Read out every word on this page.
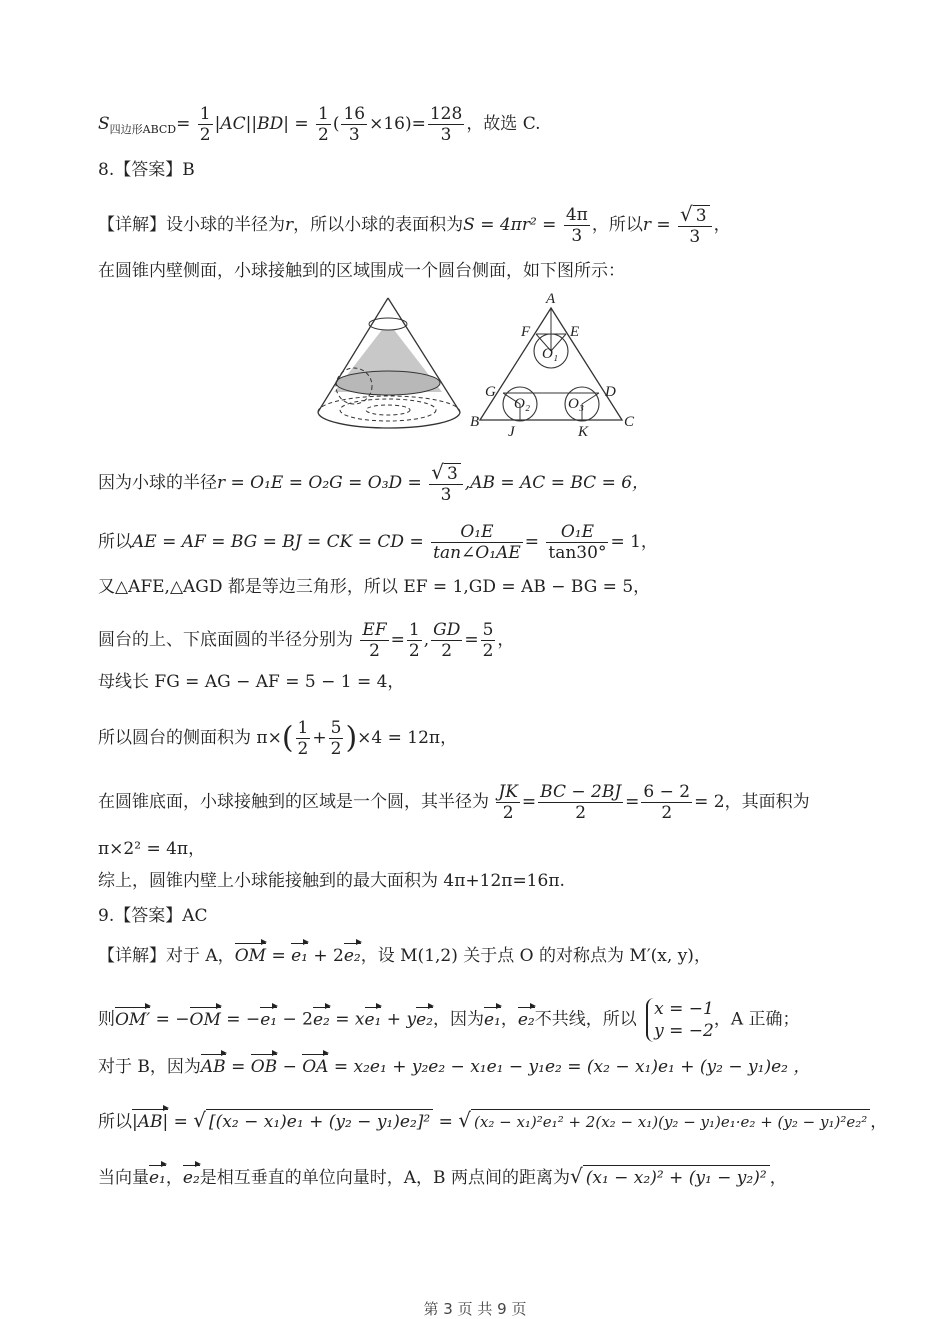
$S_{四边形ABCD}= \frac{1}{2} |AC||BD| = \frac{1}{2}$ ( $\frac{16}{3} \times 16)= \frac{128}{3}$ ，故选 C.
8.【答案】B
【详解】设小球的半径为r，所以小球的表面积为$S = 4\pi r^2 = \frac{4\pi}{3}$ ，所以$r = \frac{√ 3}{3}$ ，
在圆锥内壁侧面，小球接触到的区域围成一个圆台侧面，如下图所示：
A
F	E
O₁
G	D
O₂	O₃
B	C
J	K
因为小球的半径$r = O_1E = O_2G = O_3D = \frac{√ 3}{3} ,AB$ = AC = BC = 6，
所以AE = AF = BG = BJ = CK = CD = $\frac{\text{O₁E}}{\text{tan∠O₁AE}} = \frac{\text{O₁E}}{\tan 30^\circ} = 1$，
又△AFE,△AGD 都是等边三角形，所以 EF = 1,GD = AB − BG = 5，
圆台的上、下底面圆的半径分别为 $\frac{EF}{2} = \frac{1}{2}$ , $\frac{GD}{2} = \frac{5}{2}$ ，
母线长 FG = AG − AF = 5 − 1 = 4，
所以圆台的侧面积为 $\pi\times( \frac{1}{2} + \frac{5}{2} )\times 4 = 12\pi$，
在圆锥底面，小球接触到的区域是一个圆，其半径为 $\frac{JK}{2} = \frac{BC - 2BJ}{2} = \frac{6 - 2}{2} = 2$，其面积为
π×2² = 4π，
综上，圆锥内壁上小球能接触到的最大面积为 4π+12π=16π.
9.【答案】AC
【详解】对于 A，OM = e₁ + 2e₂，设 M(1,2) 关于点 O 的对称点为 M′(x, y)，
则OM′ = −OM = −e₁ − 2e₂ = xe₁ + ye₂，因为e₁，e₂不共线，所以
x = −1
y = −2
，A 正确；
对于 B，因为AB = OB − OA = x₂e₁ + y₂e₂ − x₁e₁ − y₁e₂ = (x₂ − x₁)e₁ + (y₂ − y₁)e₂ ，
所以|AB| = √ [(x₂ − x₁)e₁ + (y₂ − y₁)e₂]² = √ (x₂ − x₁)²e₁² + 2(x₂ − x₁)(y₂ − y₁)e₁·e₂ + (y₂ − y₁)²e₂² ，
当向量e₁，e₂是相互垂直的单位向量时，A，B 两点间的距离为√ (x₁ − x₂)² + (y₁ − y₂)² ，
第 3 页 共 9 页
